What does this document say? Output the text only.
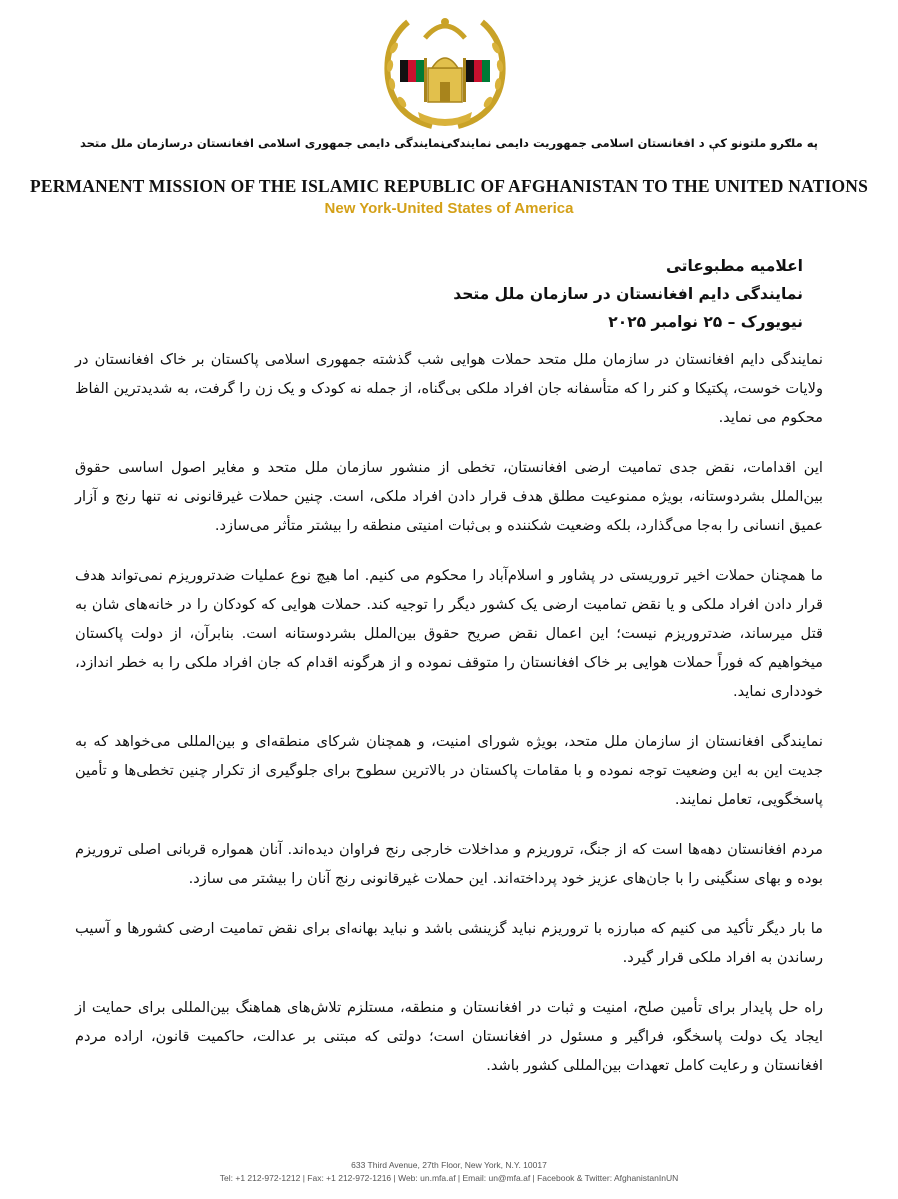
په ملګرو ملتونو کې د افغانستان اسلامی جمهوریت دایمی نمایندګی
نمایندگی دایمی جمهوری اسلامی افغانستان درسازمان ملل متحد
PERMANENT MISSION OF THE ISLAMIC REPUBLIC OF AFGHANISTAN TO THE UNITED NATIONS
New York-United States of America
اعلامیه مطبوعاتی
نمایندگی دایم افغانستان در سازمان ملل متحد
نیویورک – ۲۵ نوامبر ۲۰۲۵

نمایندگی دایم افغانستان در سازمان ملل متحد حملات هوایی شب گذشته جمهوری اسلامی پاکستان بر خاک افغانستان در ولایات خوست، پکتیکا و کنر را که متأسفانه جان افراد ملکی بی‌گناه، از جمله نه کودک و یک زن را گرفت، به شدیدترین الفاظ محکوم می نماید.

این اقدامات، نقض جدی تمامیت ارضی افغانستان، تخطی از منشور سازمان ملل متحد و مغایر اصول اساسی حقوق بین‌الملل بشردوستانه، بویژه ممنوعیت مطلق هدف قرار دادن افراد ملکی، است. چنین حملات غیرقانونی نه تنها رنج و آزار عمیق انسانی را به‌جا می‌گذارد، بلکه وضعیت شکننده و بی‌ثبات امنیتی منطقه را بیشتر متأثر می‌سازد.

ما همچنان حملات اخیر تروریستی در پشاور و اسلام‌آباد را محکوم می کنیم. اما هیچ نوع عملیات ضدتروریزم نمی‌تواند هدف قرار دادن افراد ملکی و یا نقض تمامیت ارضی یک کشور دیگر را توجیه کند. حملات هوایی که کودکان را در خانه‌های شان به قتل میرساند، ضدتروریزم نیست؛ این اعمال نقض صریح حقوق بین‌الملل بشردوستانه است. بنابرآن، از دولت پاکستان میخواهیم که فوراً حملات هوایی بر خاک افغانستان را متوقف نموده و از هرگونه اقدام که جان افراد ملکی را به خطر اندازد، خودداری نماید.

نمایندگی افغانستان از سازمان ملل متحد، بویژه شورای امنیت، و همچنان شرکای منطقه‌ای و بین‌المللی می‌خواهد که به جدیت این به این وضعیت توجه نموده و با مقامات پاکستان در بالاترین سطوح برای جلوگیری از تکرار چنین تخطی‌ها و تأمین پاسخگویی، تعامل نمایند.

مردم افغانستان دهه‌ها است که از جنگ، تروریزم و مداخلات خارجی رنج فراوان دیده‌اند. آنان همواره قربانی اصلی تروریزم بوده و بهای سنگینی را با جان‌های عزیز خود پرداخته‌اند. این حملات غیرقانونی رنج آنان را بیشتر می سازد.

ما بار دیگر تأکید می کنیم که مبارزه با تروریزم نباید گزینشی باشد و نباید بهانه‌ای برای نقض تمامیت ارضی کشورها و آسیب رساندن به افراد ملکی قرار گیرد.

راه حل پایدار برای تأمین صلح، امنیت و ثبات در افغانستان و منطقه، مستلزم تلاش‌های هماهنگ بین‌المللی برای حمایت از ایجاد یک دولت پاسخگو، فراگیر و مسئول در افغانستان است؛ دولتی که مبتنی بر عدالت، حاکمیت قانون، اراده مردم افغانستان و رعایت کامل تعهدات بین‌المللی کشور باشد.

633 Third Avenue, 27th Floor, New York, N.Y. 10017
Tel: +1 212-972-1212 | Fax: +1 212-972-1216 | Web: un.mfa.af | Email: un@mfa.af | Facebook & Twitter: AfghanistanInUN
